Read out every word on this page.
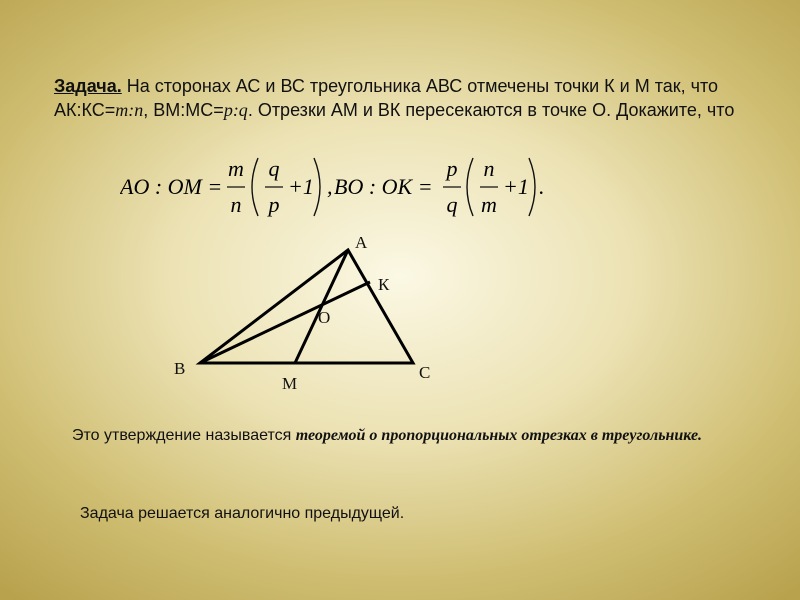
Задача. На сторонах АС и ВС треугольника АВС отмечены точки К и М так, что АК:КС=m:n, ВМ:МС=p:q. Отрезки АМ и ВК пересекаются в точке О. Докажите, что
AO : OM =
m
n
q
p
+1 , BO : OK =
p
q
n
m
+1 .
А
В	С
К
М
О
Это утверждение называется теоремой о пропорциональных отрезках в треугольнике.
Задача решается аналогично предыдущей.
